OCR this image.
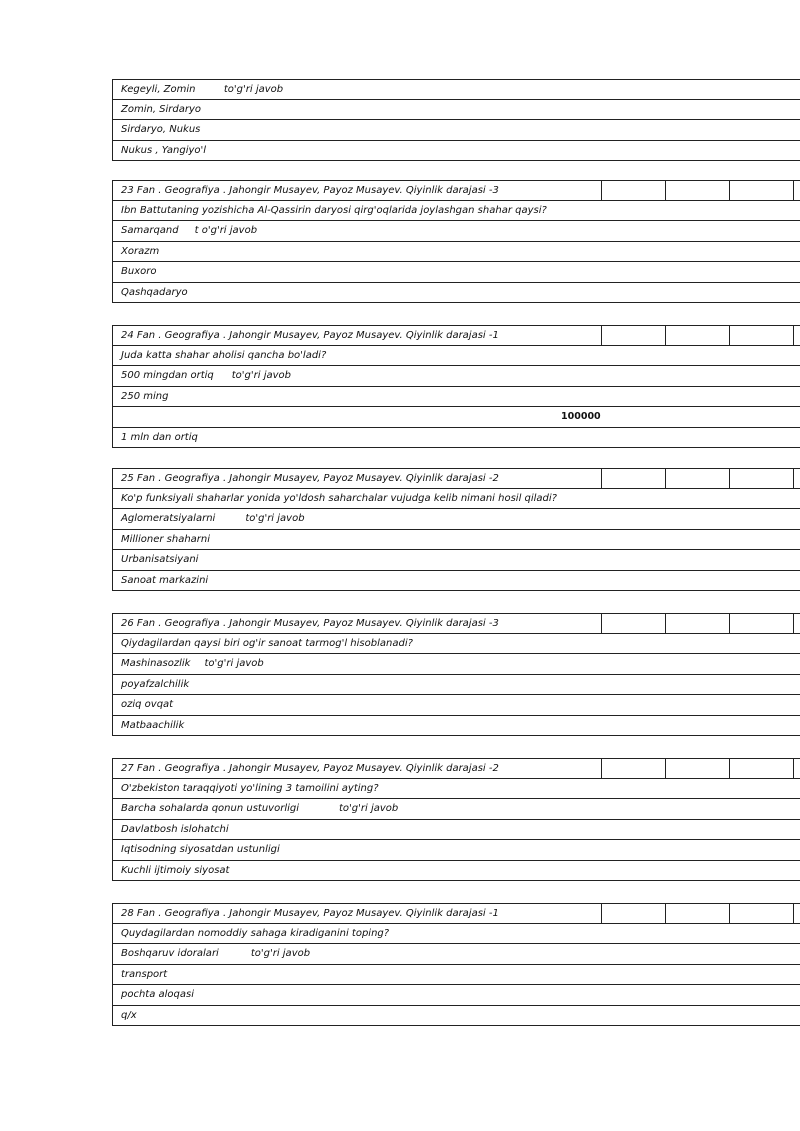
Kegeyli, Zomin	to'g'ri javob
Zomin, Sirdaryo
Sirdaryo, Nukus
Nukus , Yangiyo'l
23 Fan . Geografiya . Jahongir Musayev, Payoz Musayev. Qiyinlik darajasi -3
Ibn Battutaning yozishicha Al-Qassirin daryosi qirg'oqlarida joylashgan shahar qaysi?
Samarqand t o'g'ri javob
Xorazm
Buxoro
Qashqadaryo
24 Fan . Geografiya . Jahongir Musayev, Payoz Musayev. Qiyinlik darajasi -1
Juda katta shahar aholisi qancha bo'ladi?
500 mingdan ortiq to'g'ri javob
250 ming
100000
1 mln dan ortiq
25 Fan . Geografiya . Jahongir Musayev, Payoz Musayev. Qiyinlik darajasi -2
Ko'p funksiyali shaharlar yonida yo'ldosh saharchalar vujudga kelib nimani hosil qiladi?
Aglomeratsiyalarni	to'g'ri javob
Millioner shaharni
Urbanisatsiyani
Sanoat markazini
26 Fan . Geografiya . Jahongir Musayev, Payoz Musayev. Qiyinlik darajasi -3
Qiydagilardan qaysi biri og'ir sanoat tarmog'l hisoblanadi?
Mashinasozlik to'g'ri javob
poyafzalchilik
oziq ovqat
Matbaachilik
27 Fan . Geografiya . Jahongir Musayev, Payoz Musayev. Qiyinlik darajasi -2
O'zbekiston taraqqiyoti yo'lining 3 tamoilini ayting?
Barcha sohalarda qonun ustuvorligi	to'g'ri javob
Davlatbosh islohatchi
Iqtisodning siyosatdan ustunligi
Kuchli ijtimoiy siyosat
28 Fan . Geografiya . Jahongir Musayev, Payoz Musayev. Qiyinlik darajasi -1
Quydagilardan nomoddiy sahaga kiradiganini toping?
Boshqaruv idoralari	to'g'ri javob
transport
pochta aloqasi
q/x
